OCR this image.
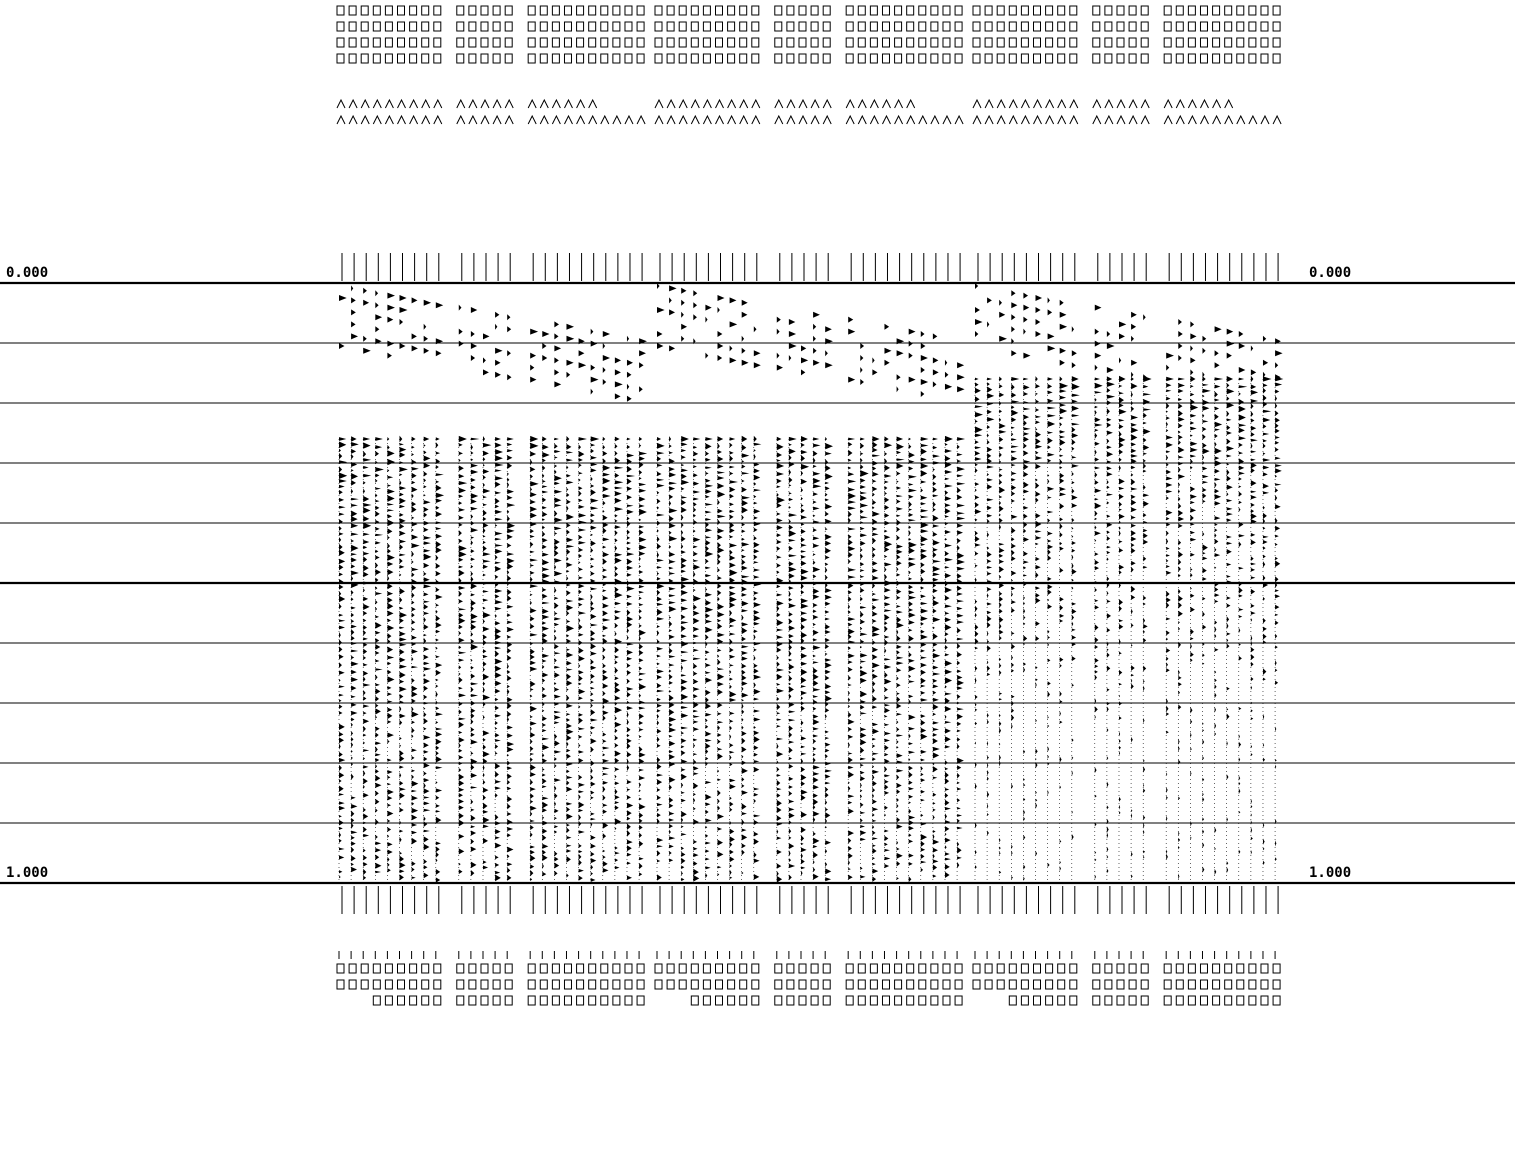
0.000	0.000
1.000	1.000
